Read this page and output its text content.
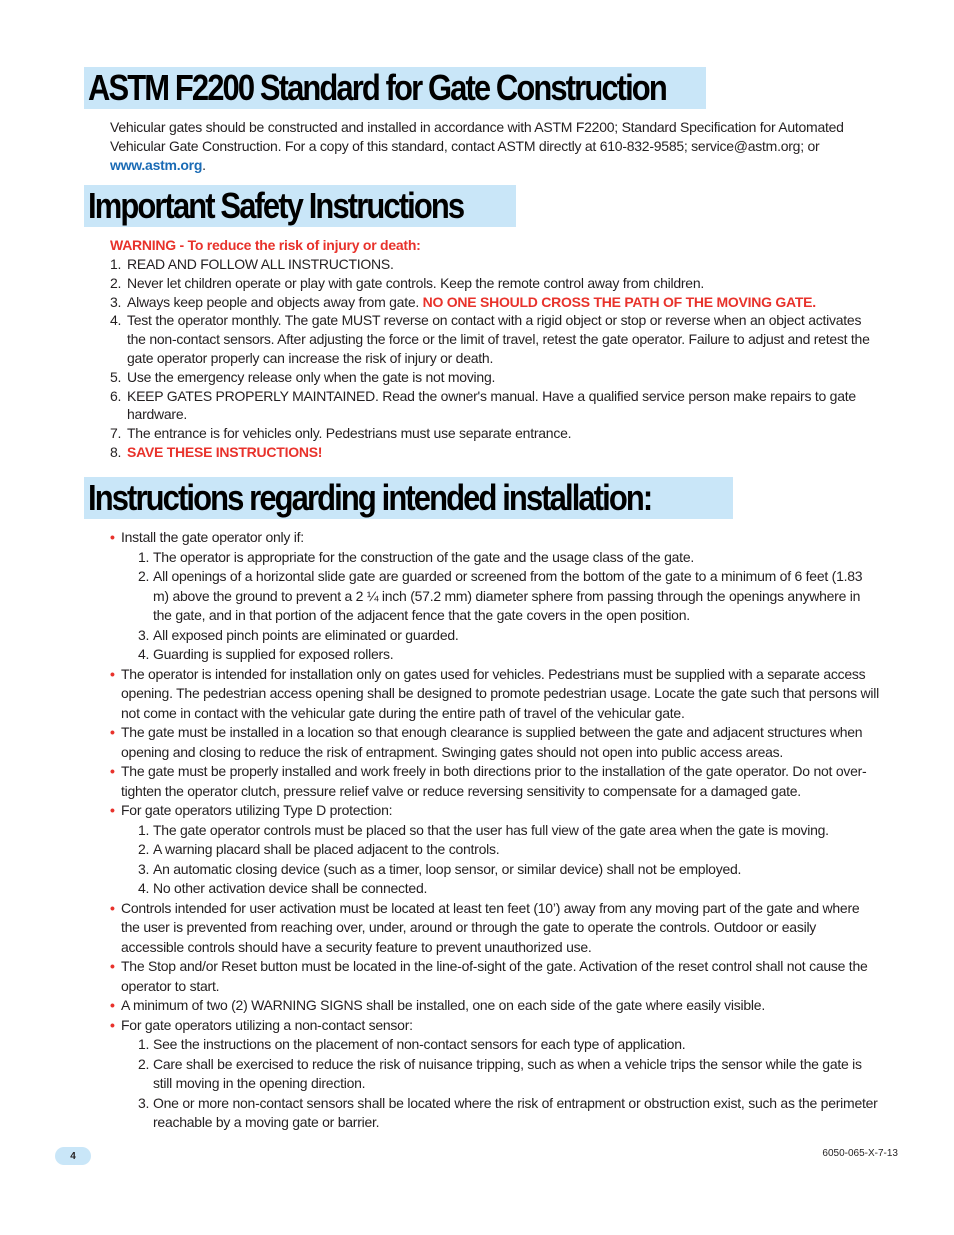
ASTM F2200 Standard for Gate Construction
Vehicular gates should be constructed and installed in accordance with ASTM F2200; Standard Specification for Automated Vehicular Gate Construction. For a copy of this standard, contact ASTM directly at 610-832-9585; service@astm.org; or www.astm.org.
Important Safety Instructions
WARNING - To reduce the risk of injury or death:
1. READ AND FOLLOW ALL INSTRUCTIONS.
2. Never let children operate or play with gate controls. Keep the remote control away from children.
3. Always keep people and objects away from gate. NO ONE SHOULD CROSS THE PATH OF THE MOVING GATE.
4. Test the operator monthly. The gate MUST reverse on contact with a rigid object or stop or reverse when an object activates the non-contact sensors. After adjusting the force or the limit of travel, retest the gate operator. Failure to adjust and retest the gate operator properly can increase the risk of injury or death.
5. Use the emergency release only when the gate is not moving.
6. KEEP GATES PROPERLY MAINTAINED. Read the owner's manual. Have a qualified service person make repairs to gate hardware.
7. The entrance is for vehicles only. Pedestrians must use separate entrance.
8. SAVE THESE INSTRUCTIONS!
Instructions regarding intended installation:
• Install the gate operator only if:
1. The operator is appropriate for the construction of the gate and the usage class of the gate.
2. All openings of a horizontal slide gate are guarded or screened from the bottom of the gate to a minimum of 6 feet (1.83 m) above the ground to prevent a 2 ¼ inch (57.2 mm) diameter sphere from passing through the openings anywhere in the gate, and in that portion of the adjacent fence that the gate covers in the open position.
3. All exposed pinch points are eliminated or guarded.
4. Guarding is supplied for exposed rollers.
• The operator is intended for installation only on gates used for vehicles. Pedestrians must be supplied with a separate access opening. The pedestrian access opening shall be designed to promote pedestrian usage. Locate the gate such that persons will not come in contact with the vehicular gate during the entire path of travel of the vehicular gate.
• The gate must be installed in a location so that enough clearance is supplied between the gate and adjacent structures when opening and closing to reduce the risk of entrapment. Swinging gates should not open into public access areas.
• The gate must be properly installed and work freely in both directions prior to the installation of the gate operator. Do not over-tighten the operator clutch, pressure relief valve or reduce reversing sensitivity to compensate for a damaged gate.
• For gate operators utilizing Type D protection:
1. The gate operator controls must be placed so that the user has full view of the gate area when the gate is moving.
2. A warning placard shall be placed adjacent to the controls.
3. An automatic closing device (such as a timer, loop sensor, or similar device) shall not be employed.
4. No other activation device shall be connected.
• Controls intended for user activation must be located at least ten feet (10’) away from any moving part of the gate and where the user is prevented from reaching over, under, around or through the gate to operate the controls. Outdoor or easily accessible controls should have a security feature to prevent unauthorized use.
• The Stop and/or Reset button must be located in the line-of-sight of the gate. Activation of the reset control shall not cause the operator to start.
• A minimum of two (2) WARNING SIGNS shall be installed, one on each side of the gate where easily visible.
• For gate operators utilizing a non-contact sensor:
1. See the instructions on the placement of non-contact sensors for each type of application.
2. Care shall be exercised to reduce the risk of nuisance tripping, such as when a vehicle trips the sensor while the gate is still moving in the opening direction.
3. One or more non-contact sensors shall be located where the risk of entrapment or obstruction exist, such as the perimeter reachable by a moving gate or barrier.
4	6050-065-X-7-13
